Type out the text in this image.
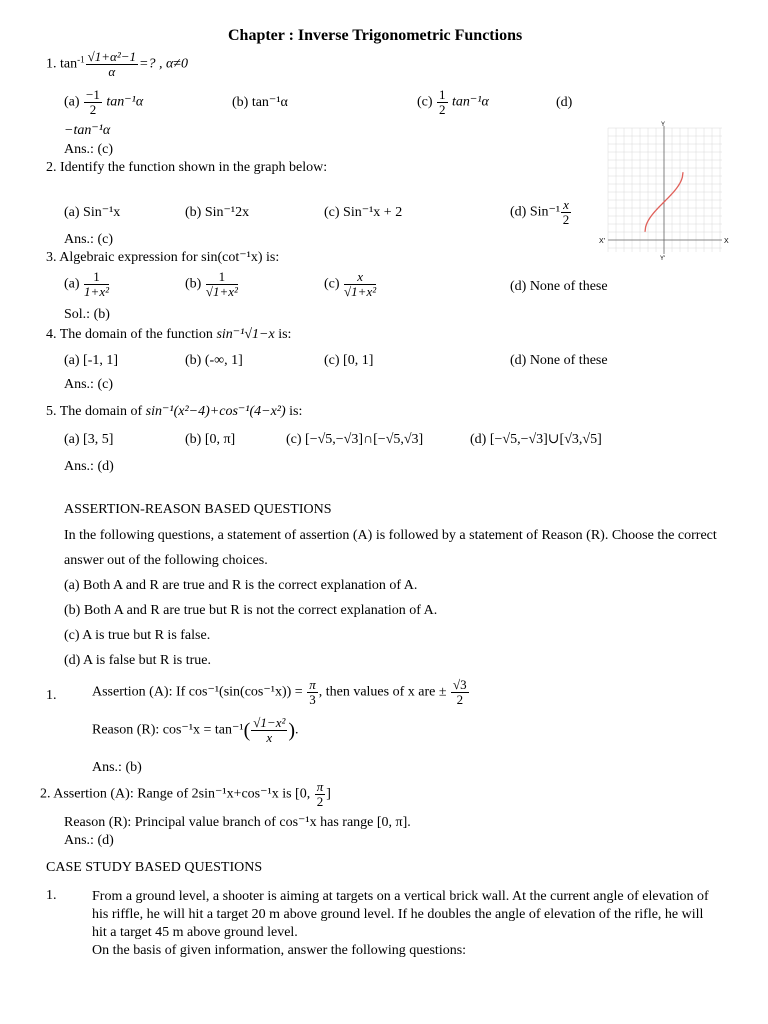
Chapter : Inverse Trigonometric Functions
1. $\tan^{-1} \frac{\text{√1+α²−1}}{\alpha}$ =? , α≠0
$(a) \frac{-1}{2} \tan^{-1}\alpha$	(b) tan⁻¹α	$(c) \frac{1}{2} \tan^{-1}\alpha$	(d)
−tan⁻¹α
Ans.: (c)
2. Identify the function shown in the graph below:
(a) Sin⁻¹x	(b) Sin⁻¹2x	(c) Sin⁻¹x + 2	(d) $Sin^{-1} \frac{x}{2}$
Ans.: (c)	X
X'
Y
Y'
3. Algebraic expression for sin(cot⁻¹x) is:
$(a) \frac{1}{\text{1+x²}}$	$(b) \frac{1}{\text{√1+x²}}$	$(c) \frac{x}{\text{√1+x²}}$	(d) None of these
Sol.: (b)
4. The domain of the function sin⁻¹√1−x is:
(a) [-1, 1]	(b) (-∞, 1]	(c) [0, 1]	(d) None of these
Ans.: (c)
5. The domain of sin⁻¹(x²−4)+cos⁻¹(4−x²) is:
(a) [3, 5]	(b) [0, π]	(c) [−√5,−√3]∩[−√5,√3]	(d) [−√5,−√3]∪[√3,√5]
Ans.: (d)
ASSERTION-REASON BASED QUESTIONS
In the following questions, a statement of assertion (A) is followed by a statement of Reason (R). Choose the correct answer out of the following choices.
(a) Both A and R are true and R is the correct explanation of A.
(b) Both A and R are true but R is not the correct explanation of A.
(c) A is true but R is false.
(d) A is false but R is true.
1.	Assertion (A): If $\cos^{-1}(\sin(\cos^{-1}x)) = \frac{\pi}{3}$ , then values of x are ± $\frac{√3}{2}$
Reason (R): $\cos^{-1}x = \tan^{-1}( \frac{\text{√1−x²}}{x}$ ).
Ans.: (b)
2. Assertion (A): Range of 2sin⁻¹x+cos⁻¹x is [0, $\frac{\pi}{2}$ ]
Reason (R): Principal value branch of cos⁻¹x has range [0, π].
Ans.: (d)
CASE STUDY BASED QUESTIONS
1.	From a ground level, a shooter is aiming at targets on a vertical brick wall. At the current angle of elevation of his riffle, he will hit a target 20 m above ground level. If he doubles the angle of elevation of the rifle, he will hit a target 45 m above ground level.
On the basis of given information, answer the following questions:
